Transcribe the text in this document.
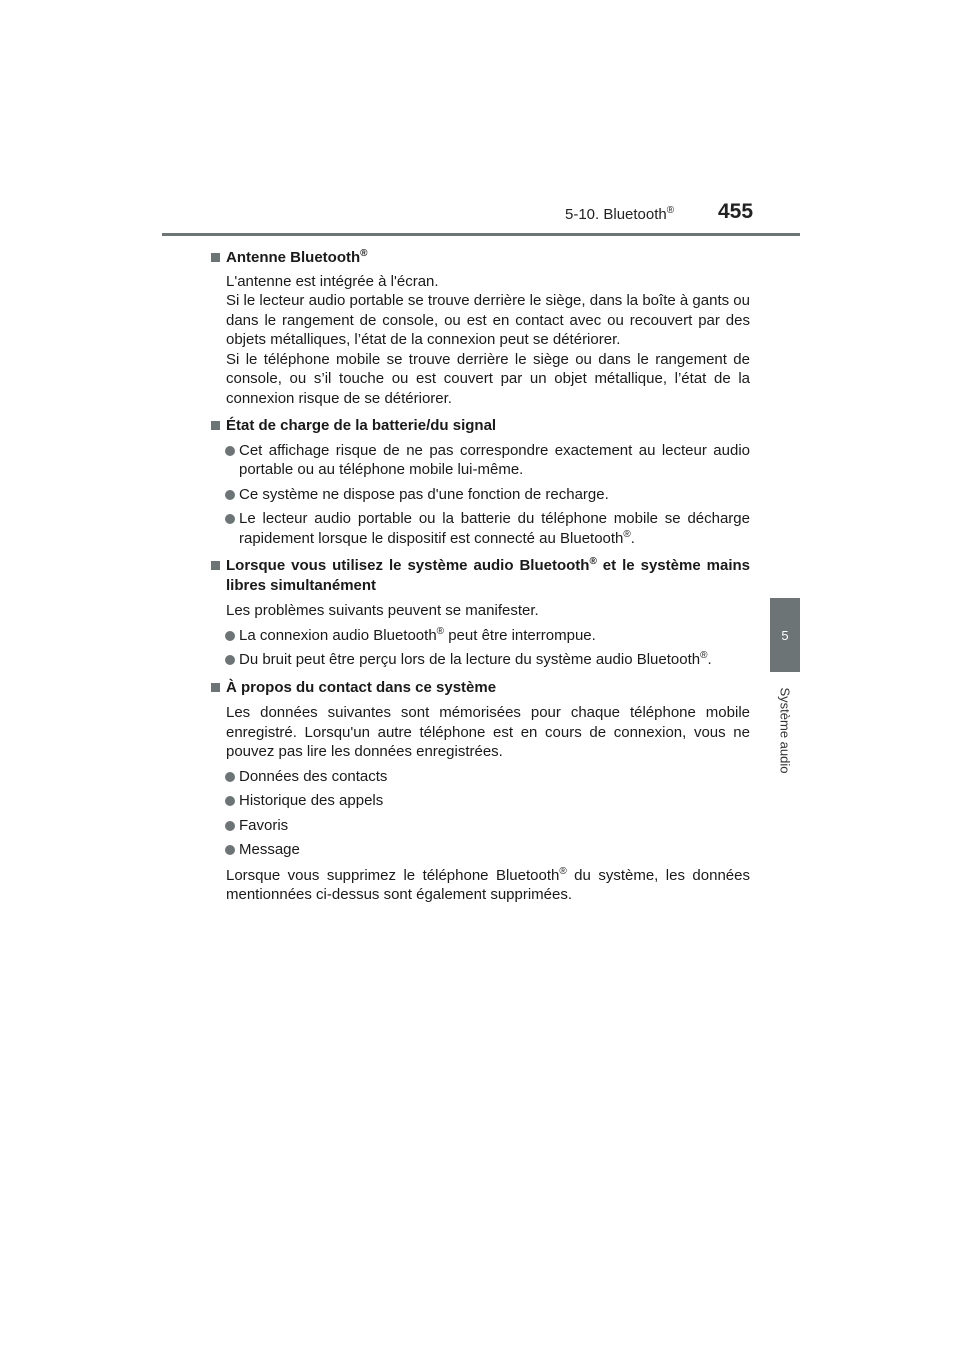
5-10. Bluetooth® 455
5
Système audio
Antenne Bluetooth®
L'antenne est intégrée à l'écran.
Si le lecteur audio portable se trouve derrière le siège, dans la boîte à gants ou dans le rangement de console, ou est en contact avec ou recouvert par des objets métalliques, l’état de la connexion peut se détériorer.
Si le téléphone mobile se trouve derrière le siège ou dans le rangement de console, ou s’il touche ou est couvert par un objet métallique, l’état de la connexion risque de se détériorer.
État de charge de la batterie/du signal
Cet affichage risque de ne pas correspondre exactement au lecteur audio portable ou au téléphone mobile lui-même.
Ce système ne dispose pas d'une fonction de recharge.
Le lecteur audio portable ou la batterie du téléphone mobile se décharge rapidement lorsque le dispositif est connecté au Bluetooth®.
Lorsque vous utilisez le système audio Bluetooth® et le système mains libres simultanément
Les problèmes suivants peuvent se manifester.
La connexion audio Bluetooth® peut être interrompue.
Du bruit peut être perçu lors de la lecture du système audio Bluetooth®.
À propos du contact dans ce système
Les données suivantes sont mémorisées pour chaque téléphone mobile enregistré. Lorsqu'un autre téléphone est en cours de connexion, vous ne pouvez pas lire les données enregistrées.
Données des contacts
Historique des appels
Favoris
Message
Lorsque vous supprimez le téléphone Bluetooth® du système, les données mentionnées ci-dessus sont également supprimées.
